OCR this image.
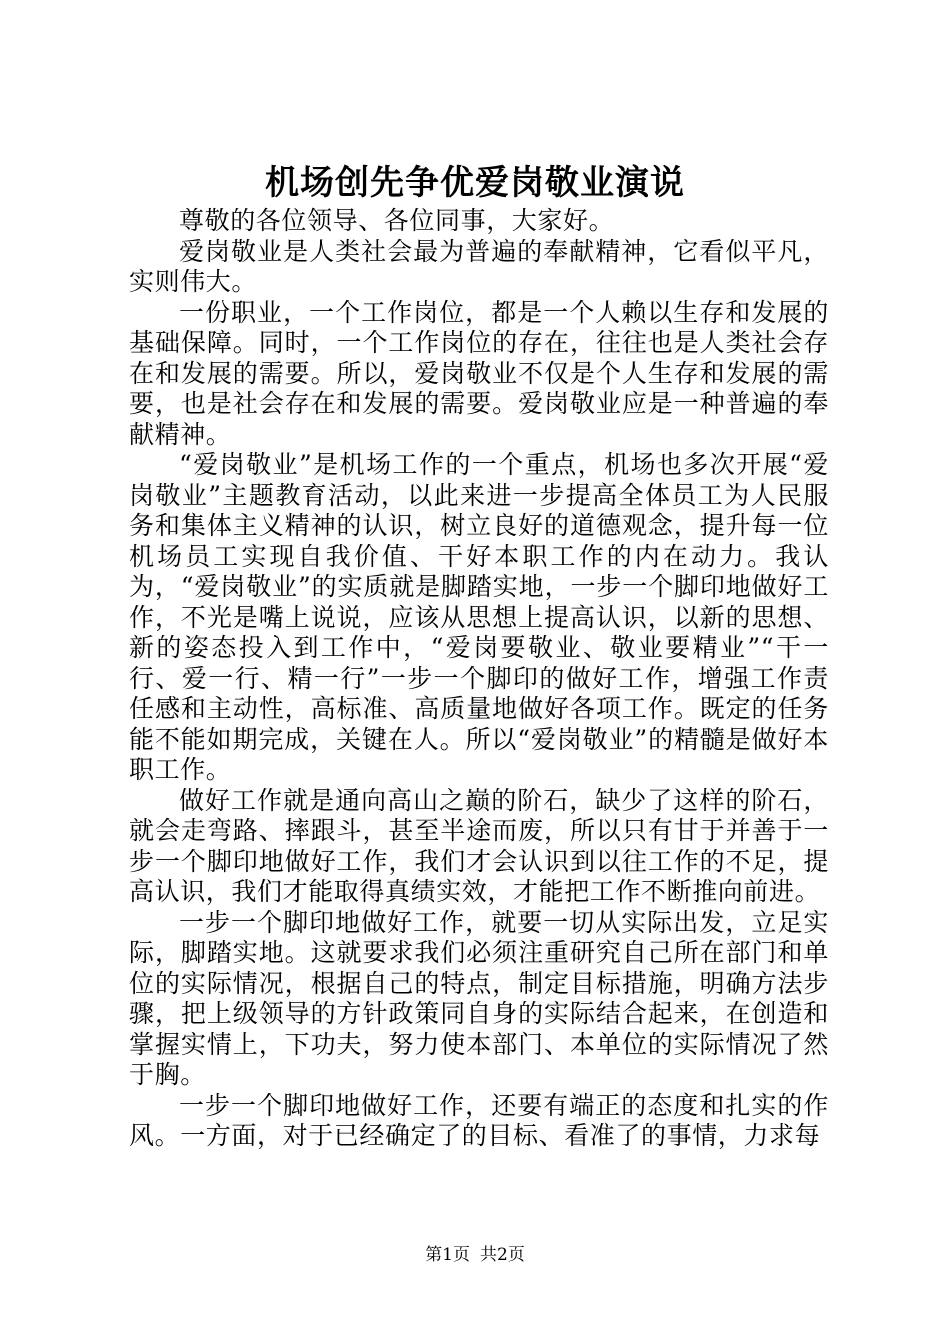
机场创先争优爱岗敬业演说

尊敬的各位领导、各位同事，大家好。

爱岗敬业是人类社会最为普遍的奉献精神，它看似平凡，实则伟大。

一份职业，一个工作岗位，都是一个人赖以生存和发展的基础保障。同时，一个工作岗位的存在，往往也是人类社会存在和发展的需要。所以，爱岗敬业不仅是个人生存和发展的需要，也是社会存在和发展的需要。爱岗敬业应是一种普遍的奉献精神。

“爱岗敬业”是机场工作的一个重点，机场也多次开展“爱岗敬业”主题教育活动，以此来进一步提高全体员工为人民服务和集体主义精神的认识，树立良好的道德观念，提升每一位机场员工实现自我价值、干好本职工作的内在动力。我认为，“爱岗敬业”的实质就是脚踏实地，一步一个脚印地做好工作，不光是嘴上说说，应该从思想上提高认识，以新的思想、新的姿态投入到工作中，“爱岗要敬业、敬业要精业”“干一行、爱一行、精一行”一步一个脚印的做好工作，增强工作责任感和主动性，高标准、高质量地做好各项工作。既定的任务能不能如期完成，关键在人。所以“爱岗敬业”的精髓是做好本职工作。

做好工作就是通向高山之巅的阶石，缺少了这样的阶石，就会走弯路、摔跟斗，甚至半途而废，所以只有甘于并善于一步一个脚印地做好工作，我们才会认识到以往工作的不足，提高认识，我们才能取得真绩实效，才能把工作不断推向前进。

一步一个脚印地做好工作，就要一切从实际出发，立足实际，脚踏实地。这就要求我们必须注重研究自己所在部门和单位的实际情况，根据自己的特点，制定目标措施，明确方法步骤，把上级领导的方针政策同自身的实际结合起来，在创造和掌握实情上，下功夫，努力使本部门、本单位的实际情况了然于胸。

一步一个脚印地做好工作，还要有端正的态度和扎实的作风。一方面，对于已经确定了的目标、看准了的事情，力求每

第1页 共2页
